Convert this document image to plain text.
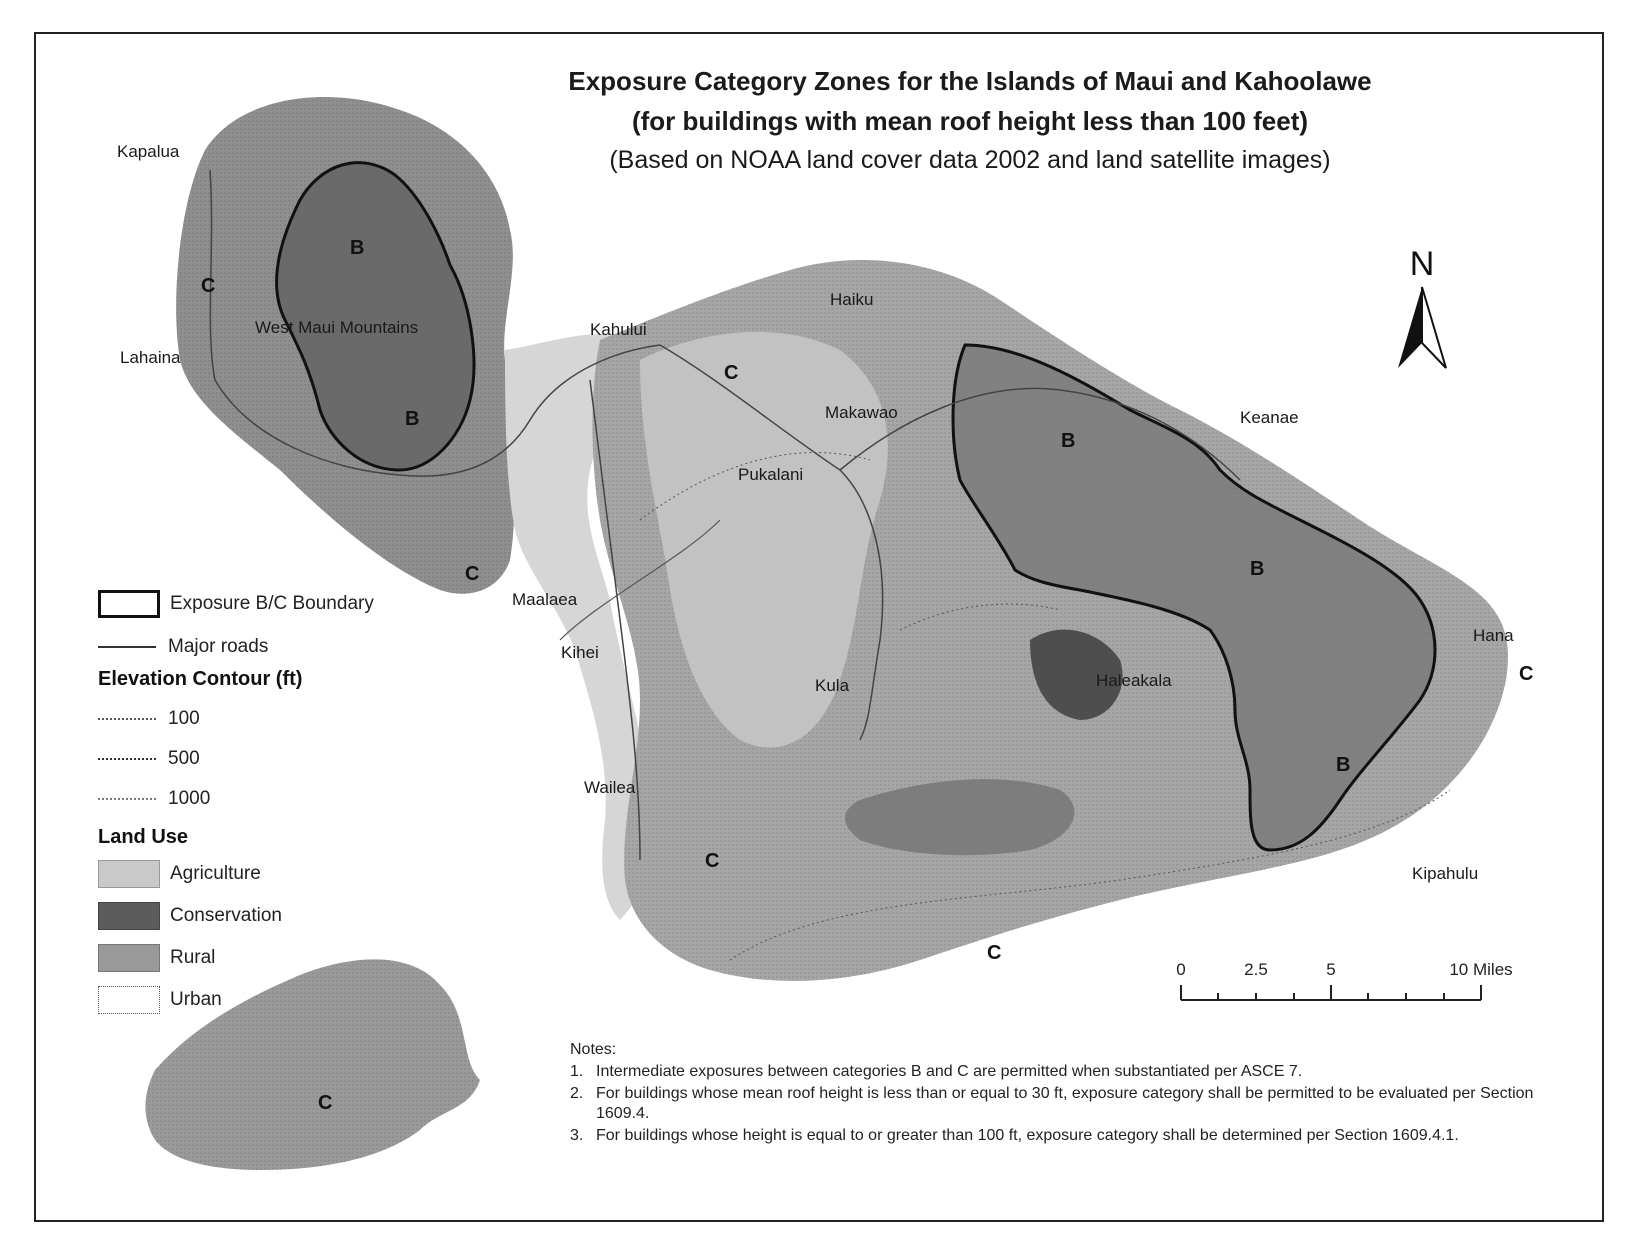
Exposure Category Zones for the Islands of Maui and Kahoolawe
(for buildings with mean roof height less than 100 feet)
(Based on NOAA land cover data 2002 and land satellite images)
Kapalua
Lahaina
West Maui Mountains	Kahului
Haiku
Makawao
Pukalani
Keanae
Maalaea
Kihei
Kula	Haleakala
Hana
Wailea
Kipahulu
B
B
C
C
C
B
B
C
B
C
C
C
N
0	2.5	5	10 Miles
Exposure B/C Boundary
Major roads
Elevation Contour (ft)
100
500
1000
Land Use
Agriculture
Conservation
Rural
Urban
Notes:
1. Intermediate exposures between categories B and C are permitted when substantiated per ASCE 7.
2. For buildings whose mean roof height is less than or equal to 30 ft, exposure category shall be permitted to be evaluated per Section 1609.4.
3. For buildings whose height is equal to or greater than 100 ft, exposure category shall be determined per Section 1609.4.1.
